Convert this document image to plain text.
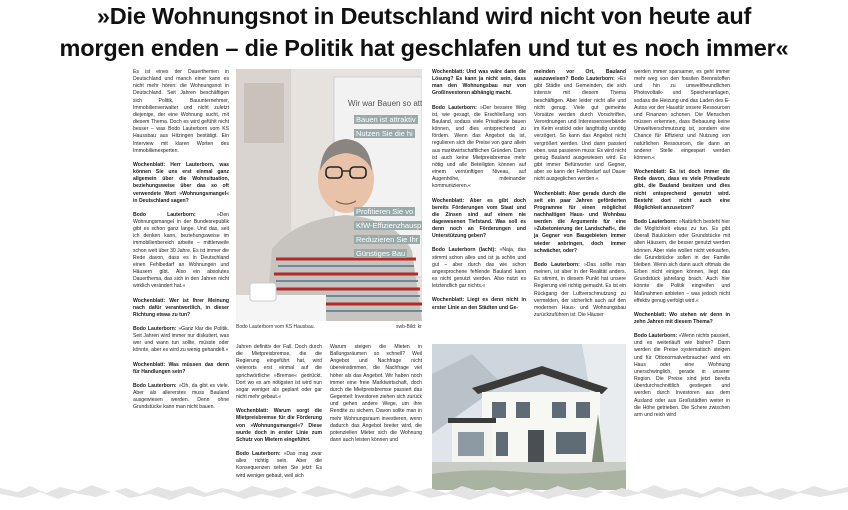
»Die Wohnungsnot in Deutschland wird nicht von heute auf
morgen enden – die Politik hat geschlafen und tut es noch immer«

Es ist eines der Dauerthemen in Deutschland und manch einer kann es nicht mehr hören: die Wohnungsnot in Deutschland. Seit Jahren beschäftigen sich Politik, Bauunternehmer, Immobilienverwalter und nicht zuletzt diejenige, der eine Wohnung sucht, mit diesem Thema. Doch es wird gefühlt nicht besser – was Bodo Lauterborn vom KS Haussbau aus Hitzingen bestätigt. Ein Interview mit klaren Worten des Immobilienexperten.

Wochenblatt: Herr Lauterborn, was können Sie uns erst einmal ganz allgemein über die Wohnsituation, beziehungsweise über das so oft verwendete Wort »Wohnungsmangel« in Deutschland sagen?

Bodo Lauterborn:	»Den Wohnungsmangel in der Bundesrepublik gibt es schon ganz lange. Und das, seit ich denken kann, beziehungsweise im immobilienbereich arbeite – mittlerweile schon weit über 30 Jahre. Es ist immer die Rede davon, dass es in Deutschland einen Fehlbedarf an Wohnungen und Häusern gibt. Also ein absolutes Dauerthema, das sich in den Jahren nicht wirklich verändert hat.«

Wochenblatt: Wer ist Ihrer Meinung nach dafür verantwortlich, in dieser Richtung etwas zu tun?

Bodo Lauterborn: »Ganz klar die Politik. Seit Jahren wird immer nur diskutiert, was wer und wann tun sollte, müsste oder könnte, aber es wird zu wenig gehandelt.«

Wochenblatt: Was müssen das denn für Handlungen sein?

Bodo Lauterborn: »Oh, da gibt es viele. Aber als allererstes muss Bauland ausgewiesen werden. Denn ohne Grundstücke kann man nicht bauen.

Wir war Bauen so att
Bauen ist attraktiv
Nutzen Sie die hi
Profitieren Sie vo
KfW-Effizienzhausp
Reduzieren Sie Ihr
Günstiges Bau
Bodo Lauterborn vom KS Hausbau.	swb-Bild: kr

Jahren definitiv der Fall. Doch durch die Mietpreisbremse, die die Regierung eingeführt hat, wird vielerorts erst einmal auf die sprichwörtliche »Bremse« gedrückt. Dort wo es am nötigsten ist wird nun sogar weniger als geplant oder gar nicht mehr gebaut.«

Wochenblatt: Warum sorgt die Mietpreisbremse für die Förderung von »Wohnungsmangel«? Diese wurde doch in erster Linie zum Schutz von Mietern eingeführt.

Bodo Lauterborn: »Das mag zwar alles richtig sein. Aber die Konsequenzen sehen Sie jetzt: Es wird weniger gebaut, weil sich

Warum steigen die Mieten in Ballungsräumen so schnell? Weil Angebot und Nachfrage nicht übereinstimmen, die Nachfrage viel höher als das Angebot. Wir haben noch immer eine freie Marktwirtschaft, doch durch die Mietpreisbremse passiert das Gegenteil: Investoren ziehen sich zurück und gehen andere Wege, um ihre Rendite zu sichern. Davon sollte man in mehr Wohnungsraum investieren, wenn dadurch das Angebot breiter wird, die potenziellen Mieter sich die Wohnung dann auch leisten können und

Wochenblatt: Und was wäre dann die Lösung? Es kann ja nicht sein, dass man den Wohnungsbau nur von Großinvestoren abhängig macht.

Bodo Lauterborn: »Der bessere Weg ist, wie gesagt, die Erschließung von Bauland, sodass viele Privatleute bauen können, und dies entsprechend zu fördern. Wenn das Angebot da ist, regulieren sich die Preise von ganz allein aus marktwirtschaftlichen Gründen. Dann ist auch keine Mietpreisbremse mehr nötig und alle Beteiligten können auf einem vernünftigen Niveau, auf Augenhöhe, miteinander kommunizieren.«

Wochenblatt: Aber es gibt doch bereits Förderungen vom Staat und die Zinsen sind auf einem nie dagewesenen Tiefstand. Was soll es denn noch an Förderungen und Unterstützung geben?

Bodo Lauterborn (lacht): »Naja, das stimmt schon alles und ist ja schön und gut – aber durch das wie schon angesprochene fehlende Bauland kann es nicht genutzt werden. Also nutzt es letztendlich gar nichts.«

Wochenblatt: Liegt es denn nicht in erster Linie an den Städten und Ge-

meinden vor Ort, Bauland auszuweisen? Bodo Lauterborn: »Es gibt Städte und Gemeinden, die sich intensiv mit diesem Thema beschäftigen. Aber leider nicht alle und nicht genug. Viele gut gemeinte Vorsätze werden durch Vorschriften, Verordnungen und Interessensverbände im Keim erstickt oder langfristig unnötig verzögert. So kann das Angebot nicht vergrößert werden. Und dann passiert eben, was passieren muss: Es wird nicht genug Bauland ausgewiesen wird. Es gibt immer Befürworter und Gegner, aber so kann der Fehlbedarf auf Dauer nicht ausgeglichen werden.«

Wochenblatt: Aber gerade durch die seit ein paar Jahren geförderten Programme für einen möglichst nachhaltigen Haus- und Wohnbau werden die Argumente für eine »Zubetonierung der Landschaft«, die ja Gegner von Baugebieten immer wieder anbringen, doch immer schwächer, oder?

Bodo Lauterborn: »Das sollte man meinen, ist aber in der Realität anders. Es stimmt, in diesem Punkt hat unsere Regierung viel richtig gemacht. Es ist ein Rückgang der Luftverschmutzung zu vermelden, der sicherlich auch auf den modernen Haus- und Wohnungsbau zurückzuführen ist. Die Häuser

werden immer sparsamer, es geht immer mehr weg von den fossilen Brennstoffen und hin zu umweltfreundlichen Photovoltaik- und Speicheranlagen, sodass die Heizung und das Laden des E-Autos vor der Haustür unsere Ressourcen und Finanzen schonen. Die Menschen müssen erkennen, dass Bebauung keine Umweltverschmutzung ist, sondern eine Chance für Effizienz und Nutzung von natürlichen Ressourcen, die dann an anderer Stelle eingespart werden können.«

Wochenblatt: Es ist doch immer die Rede davon, dass es viele Privatleute gibt, die Bauland besitzen und dies nicht entsprechend genutzt wird. Besteht dort nicht auch eine Möglichkeit anzusetzen?

Bodo Lauterborn: »Natürlich besteht hier die Möglichkeit etwas zu tun. Es gibt überall Baulücken oder Grundstücke mit alten Häusern, die besser genutzt werden können. Aber viele wollen nicht verkaufen, die Grundstücke sollen in der Familie bleiben. Wenn sich dann auch oftmals die Erben nicht einigen können, liegt das Grundstück jahrelang brach. Auch hier könnte die Politik eingreifen und Maßnahmen anbieten – was jedoch nicht effektiv genug verfolgt wird.«

Wochenblatt: Wo stehen wir denn in zehn Jahren mit diesem Thema?

Bodo Lauterborn: »Wenn nichts passiert, und es weiterläuft wie bisher? Dann werden die Preise systematisch steigen und für Ottonormalverbraucher wird ein Haus oder eine Wohnung unerschwinglich, gerade in unserer Region. Die Preise sind jetzt bereits überdurchschnittlich gestiegen und werden durch Investoren aus dem Ausland oder aus Großstädten weiter in die Höhe getrieben. Die Schere zwischen arm und reich wird
